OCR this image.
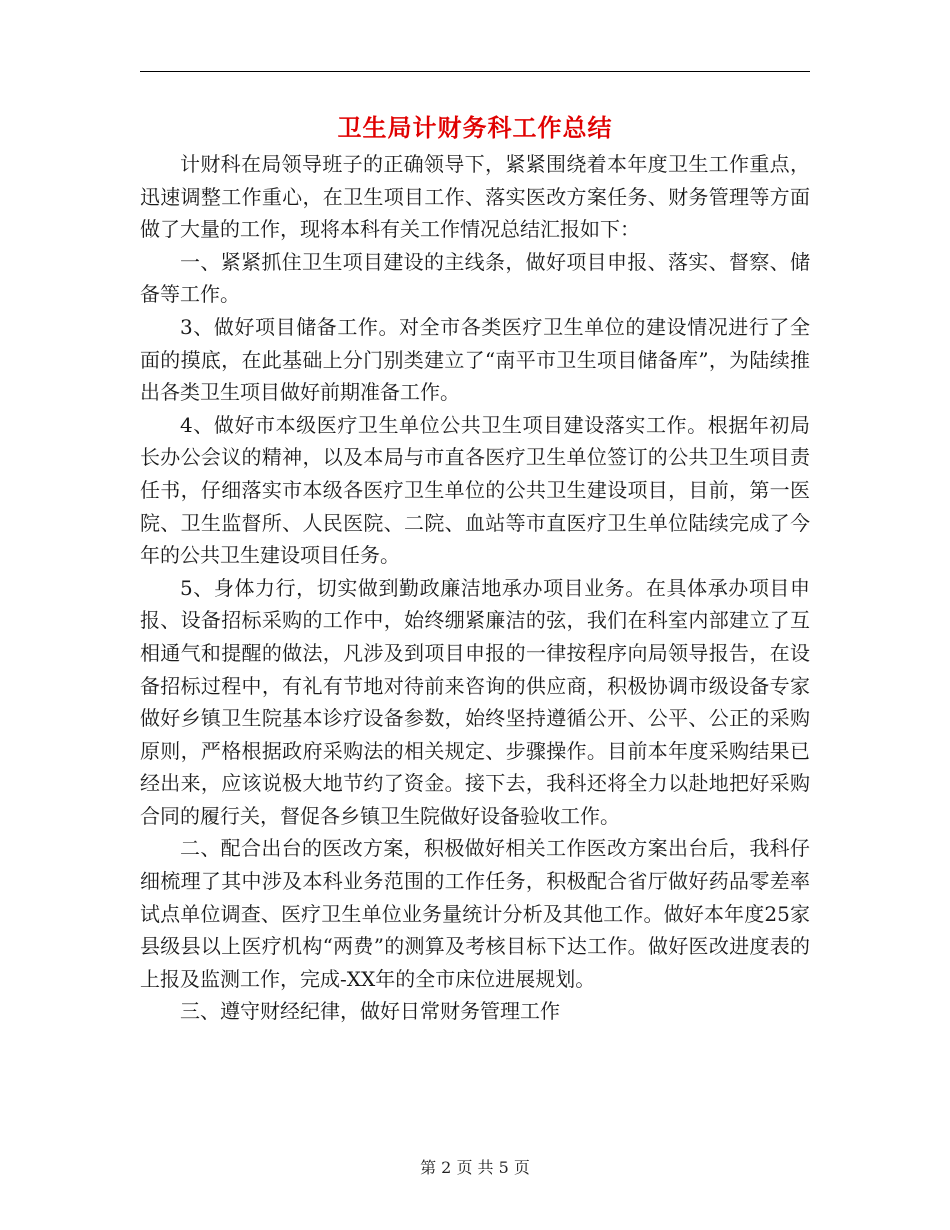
卫生局计财务科工作总结

计财科在局领导班子的正确领导下，紧紧围绕着本年度卫生工作重点，迅速调整工作重心，在卫生项目工作、落实医改方案任务、财务管理等方面做了大量的工作，现将本科有关工作情况总结汇报如下：

一、紧紧抓住卫生项目建设的主线条，做好项目申报、落实、督察、储备等工作。

3、做好项目储备工作。对全市各类医疗卫生单位的建设情况进行了全面的摸底，在此基础上分门别类建立了“南平市卫生项目储备库”，为陆续推出各类卫生项目做好前期准备工作。

4、做好市本级医疗卫生单位公共卫生项目建设落实工作。根据年初局长办公会议的精神，以及本局与市直各医疗卫生单位签订的公共卫生项目责任书，仔细落实市本级各医疗卫生单位的公共卫生建设项目，目前，第一医院、卫生监督所、人民医院、二院、血站等市直医疗卫生单位陆续完成了今年的公共卫生建设项目任务。

5、身体力行，切实做到勤政廉洁地承办项目业务。在具体承办项目申报、设备招标采购的工作中，始终绷紧廉洁的弦，我们在科室内部建立了互相通气和提醒的做法，凡涉及到项目申报的一律按程序向局领导报告，在设备招标过程中，有礼有节地对待前来咨询的供应商，积极协调市级设备专家做好乡镇卫生院基本诊疗设备参数，始终坚持遵循公开、公平、公正的采购原则，严格根据政府采购法的相关规定、步骤操作。目前本年度采购结果已经出来，应该说极大地节约了资金。接下去，我科还将全力以赴地把好采购合同的履行关，督促各乡镇卫生院做好设备验收工作。

二、配合出台的医改方案，积极做好相关工作医改方案出台后，我科仔细梳理了其中涉及本科业务范围的工作任务，积极配合省厅做好药品零差率试点单位调查、医疗卫生单位业务量统计分析及其他工作。做好本年度25家县级县以上医疗机构“两费”的测算及考核目标下达工作。做好医改进度表的上报及监测工作，完成-XX年的全市床位进展规划。

三、遵守财经纪律，做好日常财务管理工作

第 2 页 共 5 页
